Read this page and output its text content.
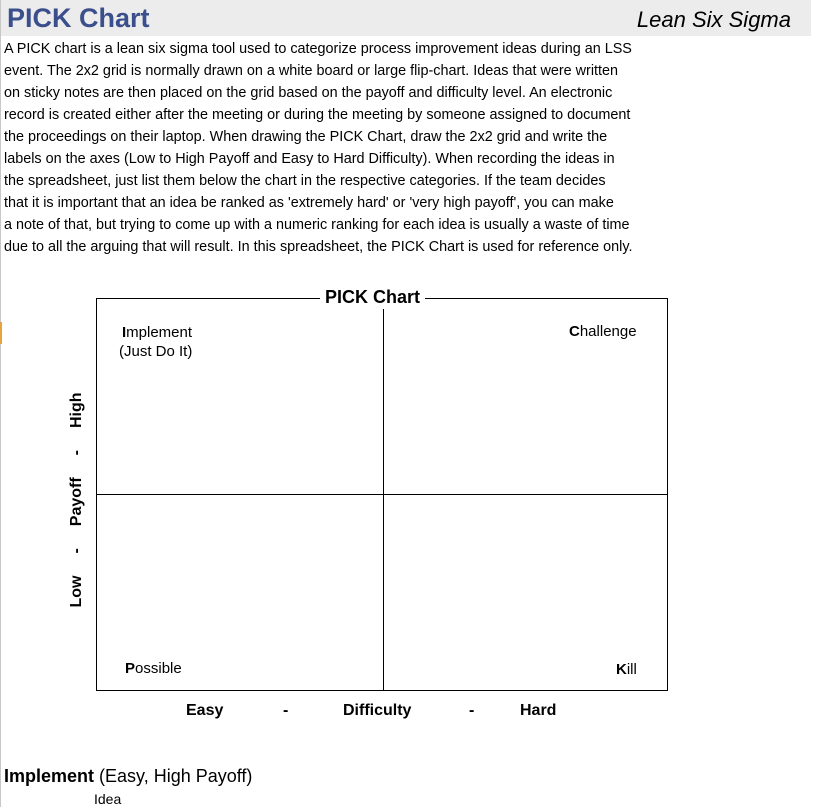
PICK Chart	Lean Six Sigma
A PICK chart is a lean six sigma tool used to categorize process improvement ideas during an LSS
event. The 2x2 grid is normally drawn on a white board or large flip-chart. Ideas that were written
on sticky notes are then placed on the grid based on the payoff and difficulty level. An electronic
record is created either after the meeting or during the meeting by someone assigned to document
the proceedings on their laptop. When drawing the PICK Chart, draw the 2x2 grid and write the
labels on the axes (Low to High Payoff and Easy to Hard Difficulty). When recording the ideas in
the spreadsheet, just list them below the chart in the respective categories. If the team decides
that it is important that an idea be ranked as 'extremely hard' or 'very high payoff', you can make
a note of that, but trying to come up with a numeric ranking for each idea is usually a waste of time
due to all the arguing that will result. In this spreadsheet, the PICK Chart is used for reference only.
PICK Chart
Implement
(Just Do It)
Challenge
Possible	Kill
Low
-
Payoff
-
High
Easy	-	Difficulty	-	Hard
Implement (Easy, High Payoff)
Idea
